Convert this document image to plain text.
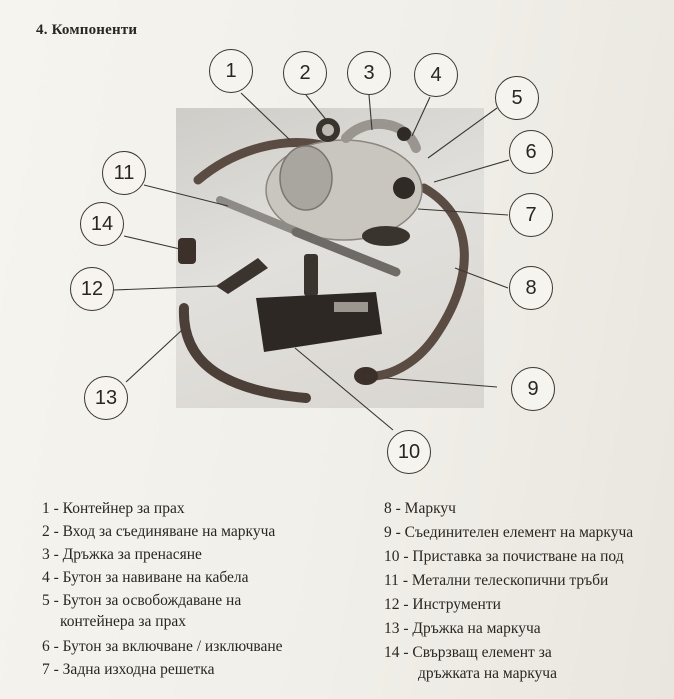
4. Компоненти
1	2	3	4
5
6
7
8
9
10
11
14
12
13
1 - Контейнер за прах
2 - Вход за съединяване на маркуча
3 - Дръжка за пренасяне
4 - Бутон за навиване на кабела
5 - Бутон за освобождаване на
контейнера за прах
6 - Бутон за включване / изключване
7 - Задна изходна решетка
8 - Маркуч
9 - Съединителен елемент на маркуча
10 - Приставка за почистване на под
11 - Метални телескопични тръби
12 - Инструменти
13 - Дръжка на маркуча
14 - Свързващ елемент за
дръжката на маркуча
